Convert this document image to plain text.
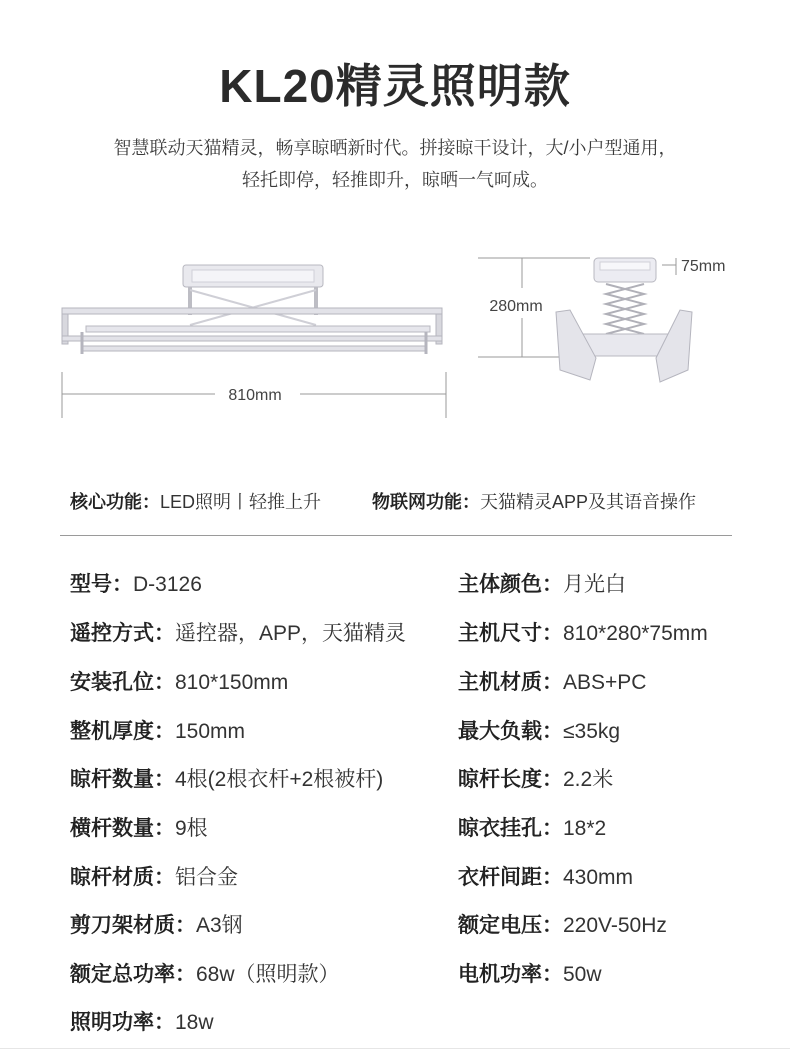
KL20精灵照明款
智慧联动天猫精灵，畅享晾晒新时代。拼接晾干设计，大/小户型通用，
轻托即停，轻推即升，晾晒一气呵成。
810mm
280mm
75mm
核心功能：LED照明丨轻推上升	物联网功能：天猫精灵APP及其语音操作
型号：D-3126
遥控方式：遥控器，APP，天猫精灵
安装孔位：810*150mm
整机厚度：150mm
晾杆数量：4根(2根衣杆+2根被杆)
横杆数量：9根
晾杆材质：铝合金
剪刀架材质：A3钢
额定总功率：68w（照明款）
照明功率：18w
主体颜色：月光白
主机尺寸：810*280*75mm
主机材质：ABS+PC
最大负载：≤35kg
晾杆长度：2.2米
晾衣挂孔：18*2
衣杆间距：430mm
额定电压：220V-50Hz
电机功率：50w
